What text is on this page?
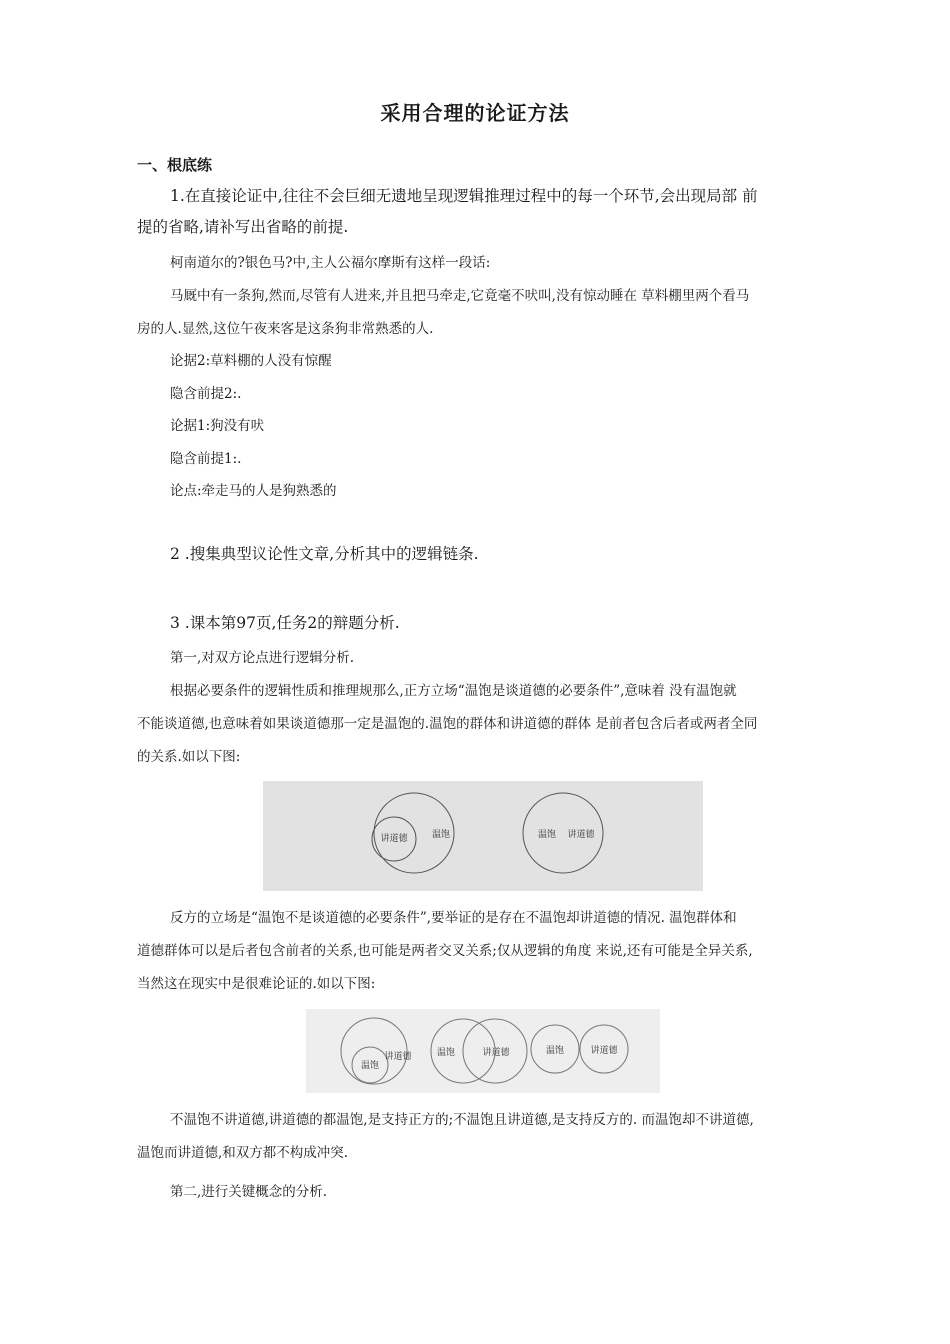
采用合理的论证方法
一、根底练
1.在直接论证中,往往不会巨细无遗地呈现逻辑推理过程中的每一个环节,会出现局部 前
提的省略,请补写出省略的前提.
柯南道尔的?银色马?中,主人公福尔摩斯有这样一段话:
马厩中有一条狗,然而,尽管有人进来,并且把马牵走,它竟毫不吠叫,没有惊动睡在 草料棚里两个看马
房的人.显然,这位午夜来客是这条狗非常熟悉的人.
论据2:草料棚的人没有惊醒
隐含前提2:.
论据1:狗没有吠
隐含前提1:.
论点:牵走马的人是狗熟悉的
2 .搜集典型议论性文章,分析其中的逻辑链条.
3 .课本第97页,任务2的辩题分析.
第一,对双方论点进行逻辑分析.
根据必要条件的逻辑性质和推理规那么,正方立场“温饱是谈道德的必要条件”,意味着 没有温饱就
不能谈道德,也意味着如果谈道德那一定是温饱的.温饱的群体和讲道德的群体 是前者包含后者或两者全同
的关系.如以下图:
讲道德	温饱	温饱 讲道德
反方的立场是“温饱不是谈道德的必要条件”,要举证的是存在不温饱却讲道德的情况. 温饱群体和
道德群体可以是后者包含前者的关系,也可能是两者交叉关系;仅从逻辑的角度 来说,还有可能是全异关系,
当然这在现实中是很难论证的.如以下图:
温饱
讲道德	温饱	讲道德	温饱	讲道德
不温饱不讲道德,讲道德的都温饱,是支持正方的;不温饱且讲道德,是支持反方的. 而温饱却不讲道德,
温饱而讲道德,和双方都不构成冲突.
第二,进行关键概念的分析.
